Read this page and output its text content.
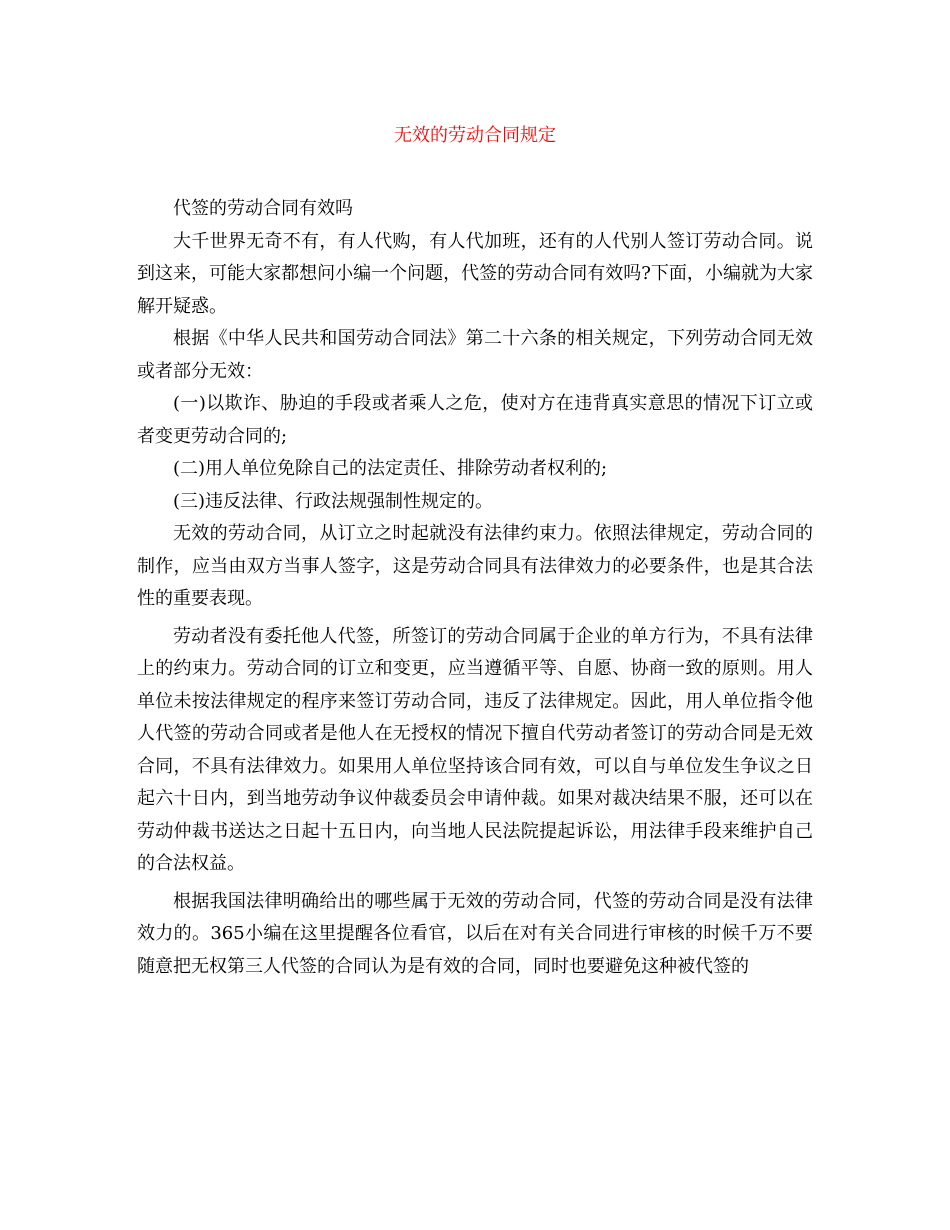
无效的劳动合同规定

代签的劳动合同有效吗

大千世界无奇不有，有人代购，有人代加班，还有的人代别人签订劳动合同。说到这来，可能大家都想问小编一个问题，代签的劳动合同有效吗?下面，小编就为大家解开疑惑。

根据《中华人民共和国劳动合同法》第二十六条的相关规定，下列劳动合同无效或者部分无效：

(一)以欺诈、胁迫的手段或者乘人之危，使对方在违背真实意思的情况下订立或者变更劳动合同的;

(二)用人单位免除自己的法定责任、排除劳动者权利的;

(三)违反法律、行政法规强制性规定的。

无效的劳动合同，从订立之时起就没有法律约束力。依照法律规定，劳动合同的制作，应当由双方当事人签字，这是劳动合同具有法律效力的必要条件，也是其合法性的重要表现。

劳动者没有委托他人代签，所签订的劳动合同属于企业的单方行为，不具有法律上的约束力。劳动合同的订立和变更，应当遵循平等、自愿、协商一致的原则。用人单位未按法律规定的程序来签订劳动合同，违反了法律规定。因此，用人单位指令他人代签的劳动合同或者是他人在无授权的情况下擅自代劳动者签订的劳动合同是无效合同，不具有法律效力。如果用人单位坚持该合同有效，可以自与单位发生争议之日起六十日内，到当地劳动争议仲裁委员会申请仲裁。如果对裁决结果不服，还可以在劳动仲裁书送达之日起十五日内，向当地人民法院提起诉讼，用法律手段来维护自己的合法权益。

根据我国法律明确给出的哪些属于无效的劳动合同，代签的劳动合同是没有法律效力的。365小编在这里提醒各位看官，以后在对有关合同进行审核的时候千万不要随意把无权第三人代签的合同认为是有效的合同，同时也要避免这种被代签的
